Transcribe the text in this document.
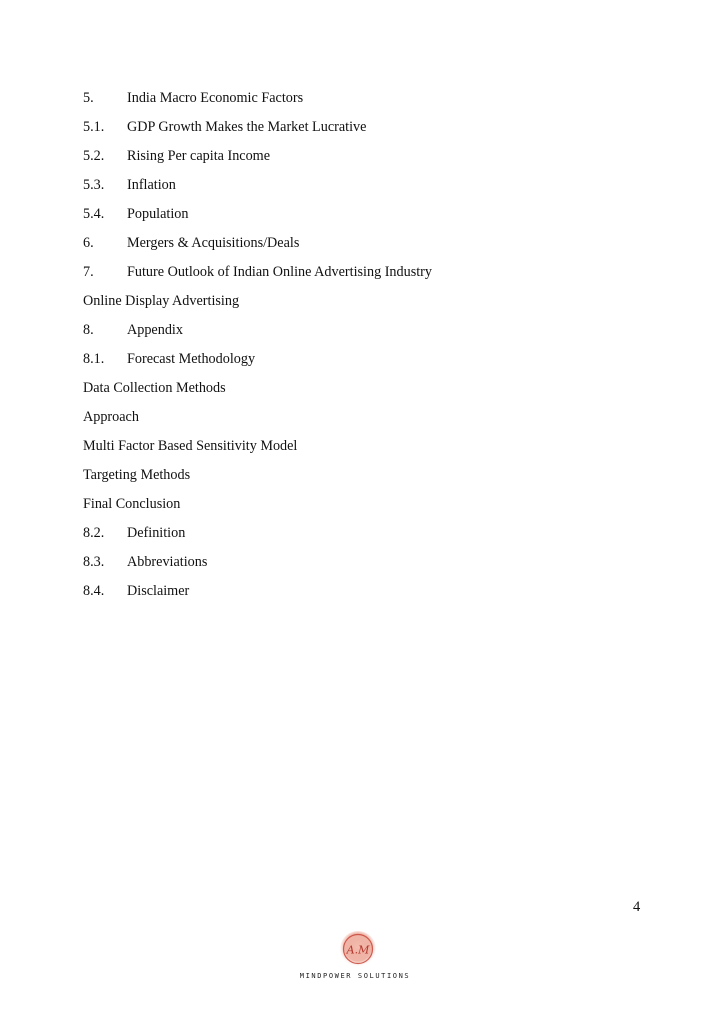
5. India Macro Economic Factors
5.1. GDP Growth Makes the Market Lucrative
5.2. Rising Per capita Income
5.3. Inflation
5.4. Population
6. Mergers & Acquisitions/Deals
7. Future Outlook of Indian Online Advertising Industry
Online Display Advertising
8. Appendix
8.1. Forecast Methodology
Data Collection Methods
Approach
Multi Factor Based Sensitivity Model
Targeting Methods
Final Conclusion
8.2. Definition
8.3. Abbreviations
8.4. Disclaimer
4
A.M
MINDPOWER SOLUTIONS
